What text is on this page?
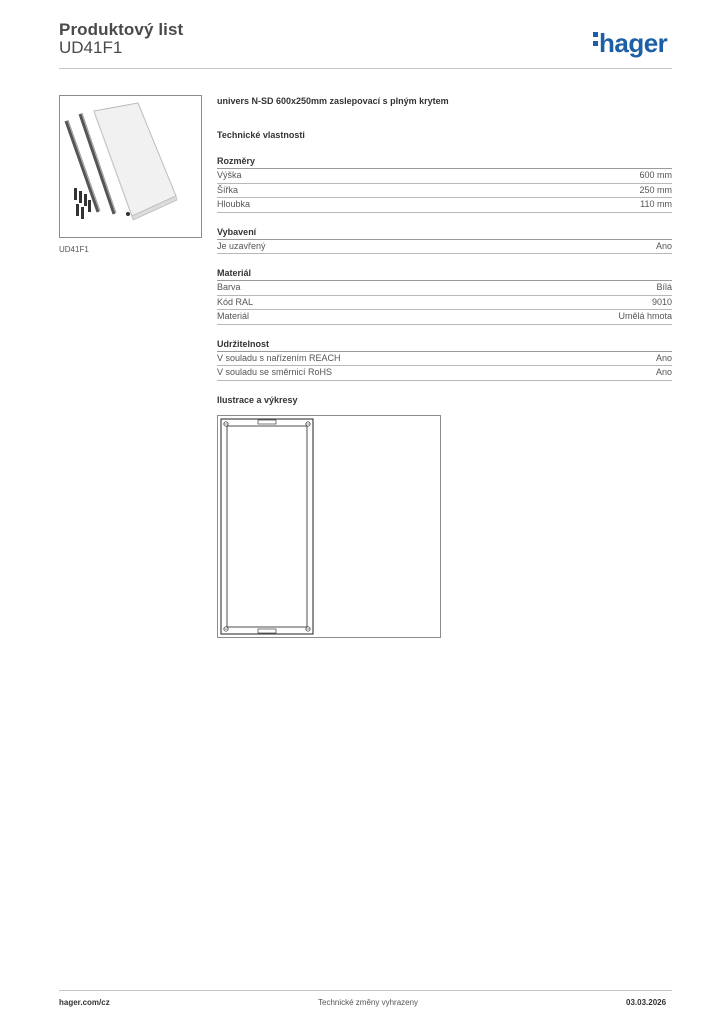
Produktový list
UD41F1	hager
UD41F1
univers N-SD 600x250mm zaslepovací s plným krytem
Technické vlastnosti
Rozměry
Výška	600 mm
Šířka	250 mm
Hloubka	110 mm
Vybavení
Je uzavřený	Ano
Materiál
Barva	Bílá
Kód RAL	9010
Materiál	Umělá hmota
Udržitelnost
V souladu s nařízením REACH	Ano
V souladu se směrnicí RoHS	Ano
Ilustrace a výkresy
hager.com/cz	Technické změny vyhrazeny	03.03.2026
